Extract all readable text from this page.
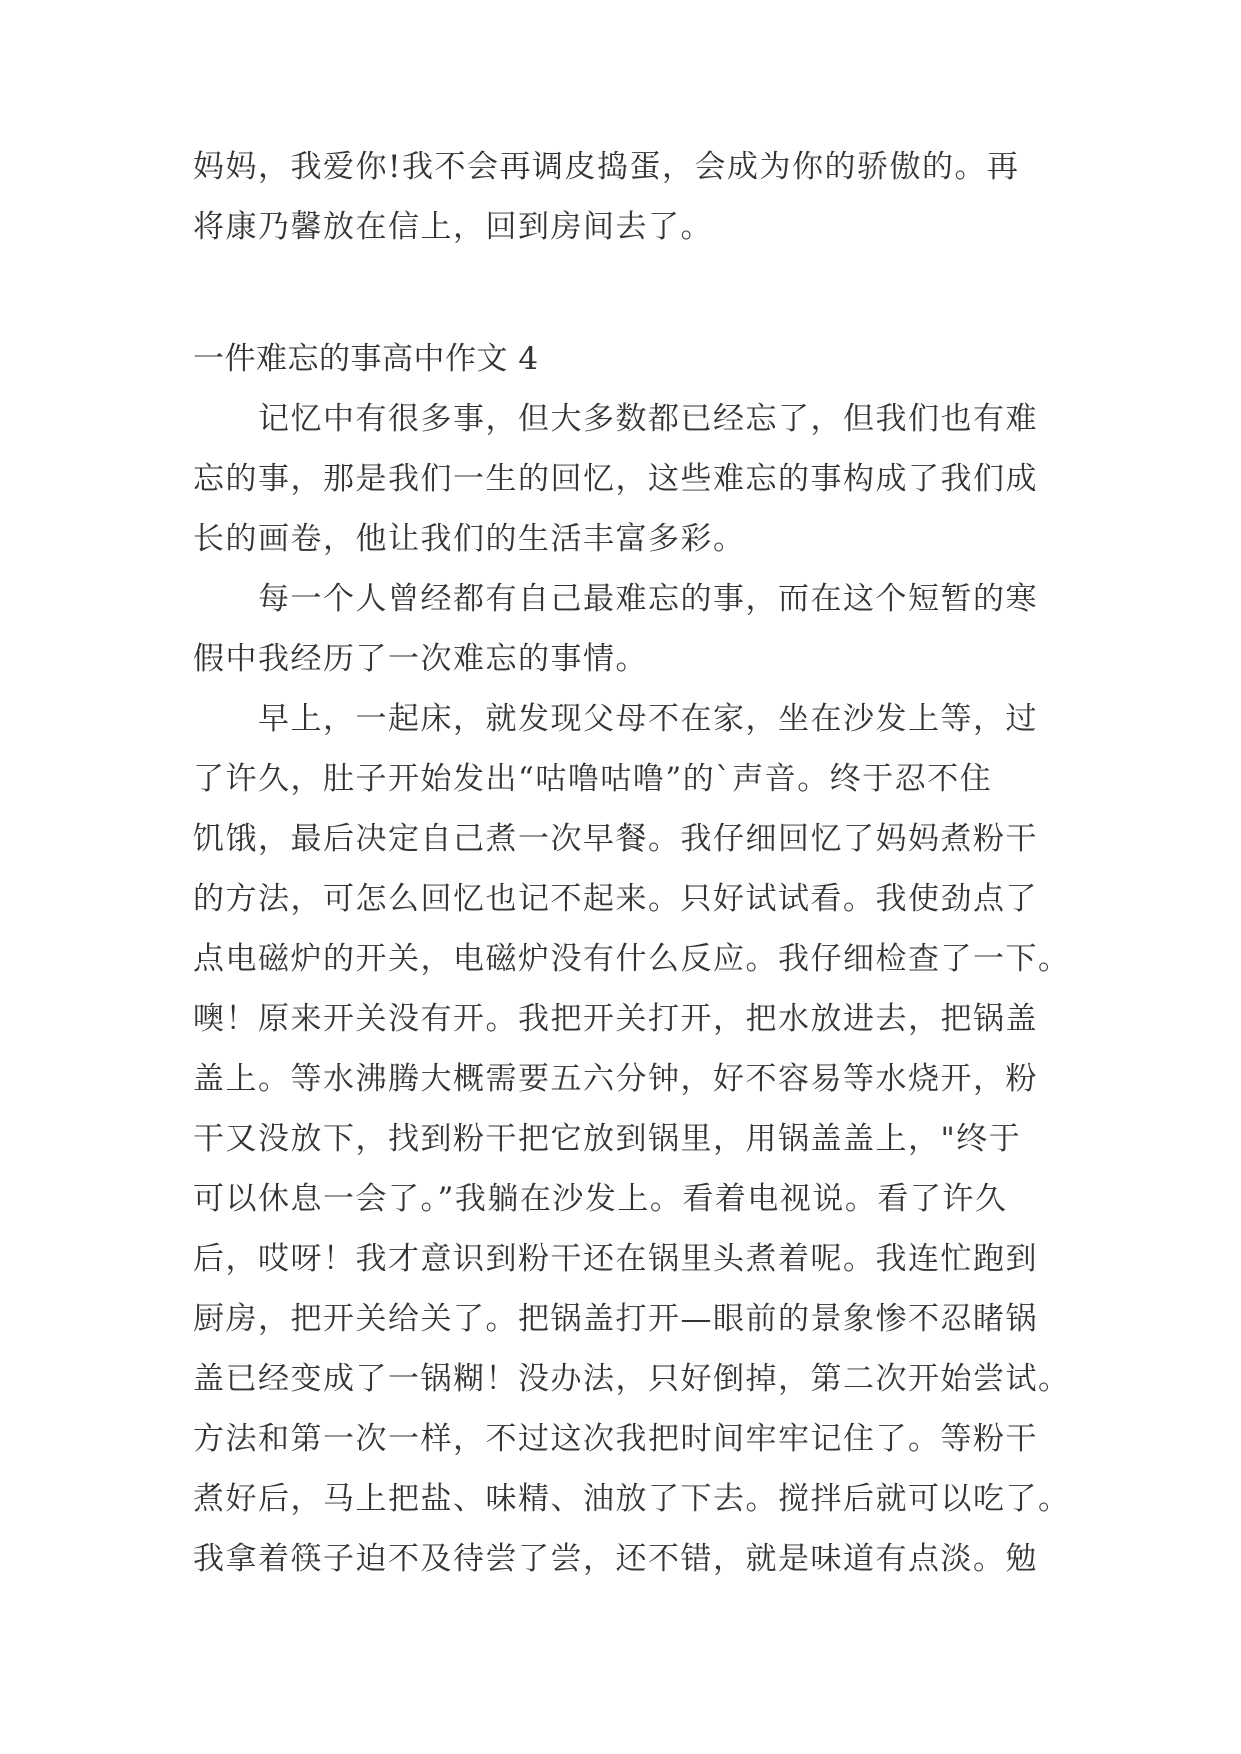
妈妈，我爱你!我不会再调皮捣蛋，会成为你的骄傲的。再
将康乃馨放在信上，回到房间去了。
一件难忘的事高中作文 4
　　记忆中有很多事，但大多数都已经忘了，但我们也有难
忘的事，那是我们一生的回忆，这些难忘的事构成了我们成
长的画卷，他让我们的生活丰富多彩。
　　每一个人曾经都有自己最难忘的事，而在这个短暂的寒
假中我经历了一次难忘的事情。
　　早上，一起床，就发现父母不在家，坐在沙发上等，过
了许久，肚子开始发出“咕噜咕噜”的`声音。终于忍不住
饥饿，最后决定自己煮一次早餐。我仔细回忆了妈妈煮粉干
的方法，可怎么回忆也记不起来。只好试试看。我使劲点了
点电磁炉的开关，电磁炉没有什么反应。我仔细检查了一下。
噢！原来开关没有开。我把开关打开，把水放进去，把锅盖
盖上。等水沸腾大概需要五六分钟，好不容易等水烧开，粉
干又没放下，找到粉干把它放到锅里，用锅盖盖上，"终于
可以休息一会了。”我躺在沙发上。看着电视说。看了许久
后，哎呀！我才意识到粉干还在锅里头煮着呢。我连忙跑到
厨房，把开关给关了。把锅盖打开—眼前的景象惨不忍睹锅
盖已经变成了一锅糊！没办法，只好倒掉，第二次开始尝试。
方法和第一次一样，不过这次我把时间牢牢记住了。等粉干
煮好后，马上把盐、味精、油放了下去。搅拌后就可以吃了。
我拿着筷子迫不及待尝了尝，还不错，就是味道有点淡。勉
